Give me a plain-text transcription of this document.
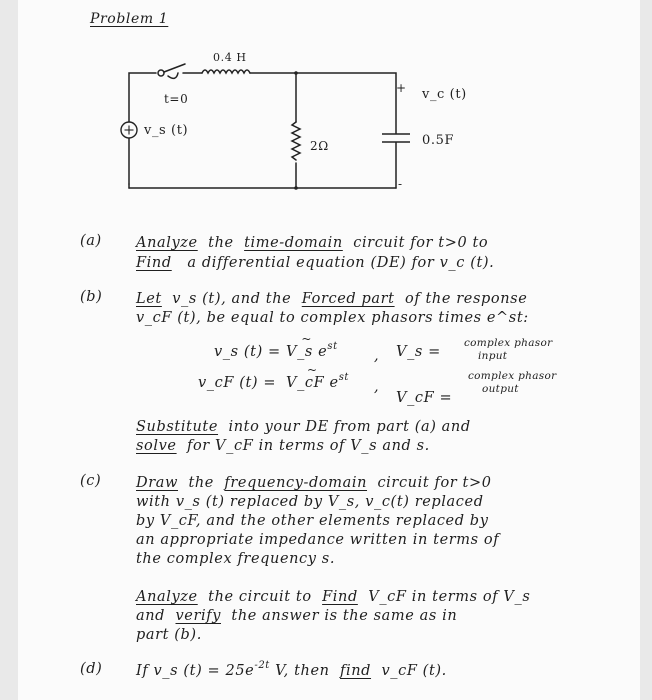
Problem 1
0.4 H
t=0
v_s (t)
2Ω	0.5F
v_c (t)
+
-
(a) Analyze the time-domain circuit for t>0 to
Find a differential equation (DE) for v_c (t).
(b) Let v_s (t), and the Forced part of the response
v_cF (t), be equal to complex phasors times e^st:
v_s (t) = ~ V_s $e^{st}$
, ~ V_s =
complex phasor
input
v_cF (t) = ~ V_cF $e^{st}$
,
~ V_cF =
complex phasor
output
Substitute into your DE from part (a) and
solve for V_cF in terms of V_s and s.
(c) Draw the frequency-domain circuit for t>0
with v_s (t) replaced by V_s, v_c(t) replaced
by V_cF, and the other elements replaced by
an appropriate impedance written in terms of
the complex frequency s.
Analyze the circuit to Find V_cF in terms of V_s
and verify the answer is the same as in
part (b).
(d) If v_s $(t) = 25e^{-2t}$ V, then find v_cF (t).
